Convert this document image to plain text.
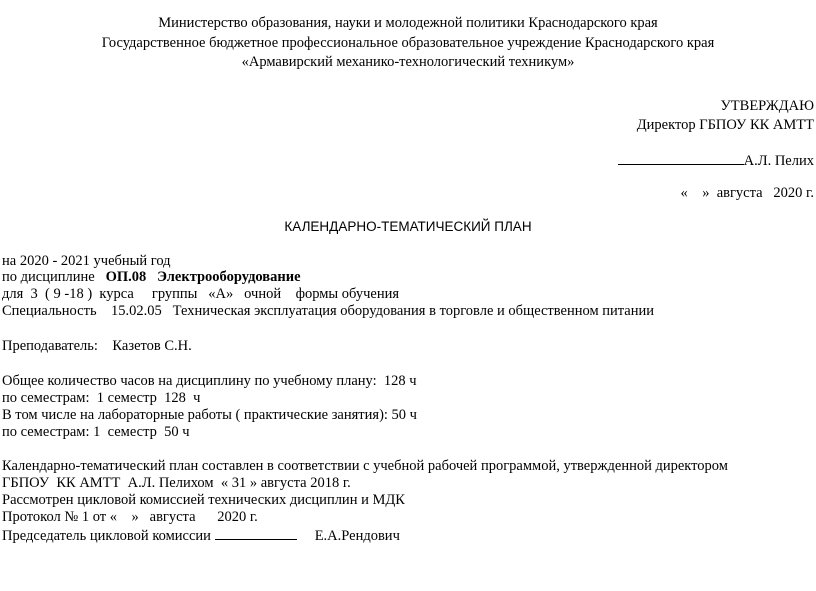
Министерство образования, науки и молодежной политики Краснодарского края
Государственное бюджетное профессиональное образовательное учреждение Краснодарского края
«Армавирский механико-технологический техникум»
УТВЕРЖДАЮ
Директор ГБПОУ КК АМТТ
А.Л. Пелих
«    »  августа   2020 г.
КАЛЕНДАРНО-ТЕМАТИЧЕСКИЙ ПЛАН
на 2020 - 2021 учебный год
по дисциплине   ОП.08 Электрооборудование
для  3  ( 9 -18 )  курса     группы   «А»   очной    формы обучения
Специальность    15.02.05   Техническая эксплуатация оборудования в торговле и общественном питании
Преподаватель:    Казетов С.Н.
Общее количество часов на дисциплину по учебному плану:  128 ч
по семестрам:  1 семестр  128  ч
В том числе на лабораторные работы ( практические занятия): 50 ч
по семестрам: 1  семестр  50 ч
Календарно-тематический план составлен в соответствии с учебной рабочей программой, утвержденной директором
ГБПОУ  КК АМТТ  А.Л. Пелихом  « 31 » августа 2018 г.
Рассмотрен цикловой комиссией технических дисциплин и МДК
Протокол № 1 от «    »   августа      2020 г.
Председатель цикловой комиссии	Е.А.Рендович
